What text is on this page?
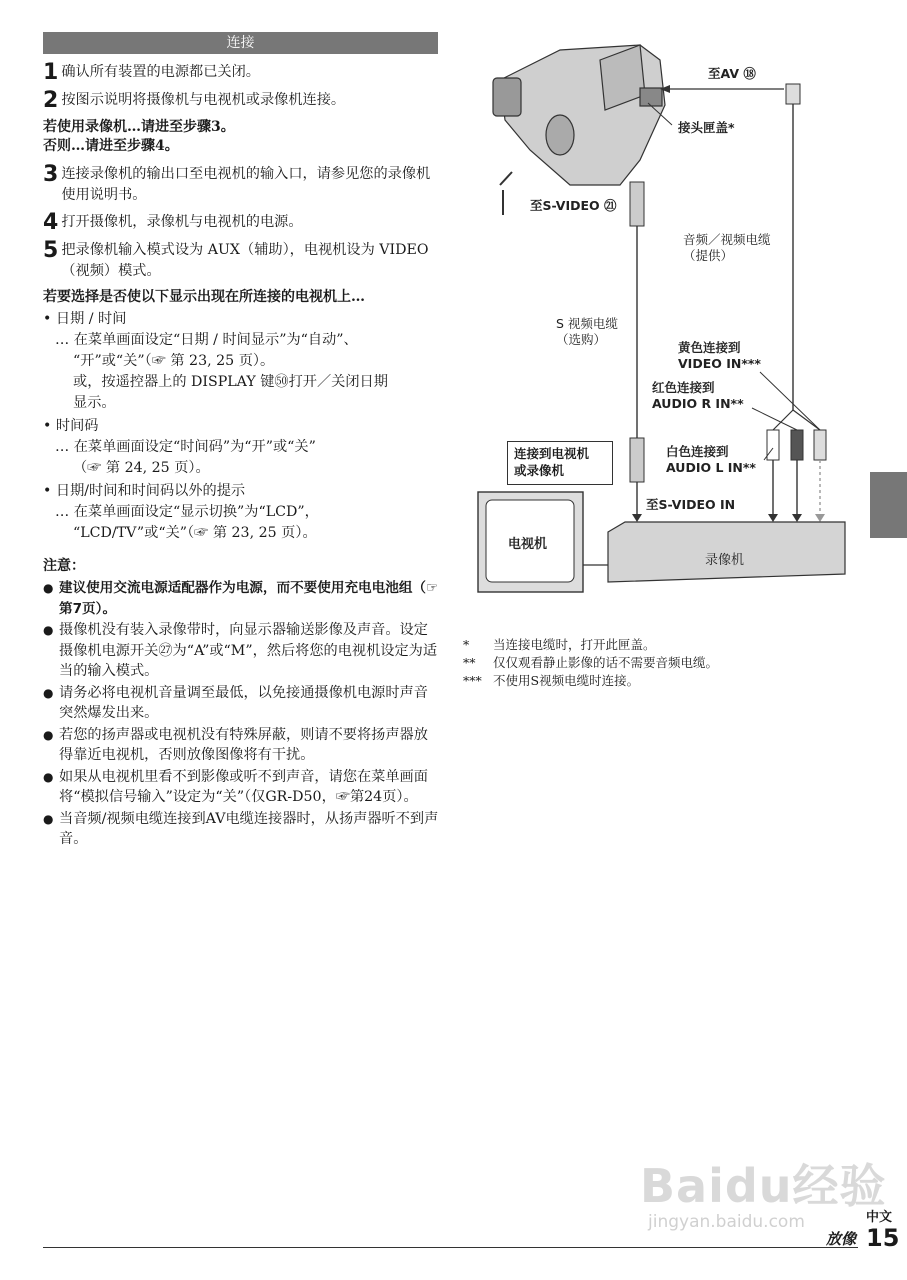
连接
1 确认所有装置的电源都已关闭。
2 按图示说明将摄像机与电视机或录像机连接。
若使用录像机…请进至步骤3。
否则…请进至步骤4。
3 连接录像机的输出口至电视机的输入口，请参见您的录像机使用说明书。
4 打开摄像机，录像机与电视机的电源。
5 把录像机输入模式设为 AUX（辅助），电视机设为 VIDEO（视频）模式。
若要选择是否使以下显示出现在所连接的电视机上…
• 日期 / 时间
… 在菜单画面设定“日期 / 时间显示”为“自动”、
“开”或“关”（☞ 第 23, 25 页）。
或，按遥控器上的 DISPLAY 键㊿打开／关闭日期
显示。
• 时间码
… 在菜单画面设定“时间码”为“开”或“关”
（☞ 第 24, 25 页）。
• 日期/时间和时间码以外的提示
… 在菜单画面设定“显示切换”为“LCD”，
“LCD/TV”或“关”（☞ 第 23, 25 页）。
注意：
● 建议使用交流电源适配器作为电源，而不要使用充电电池组（☞第7页）。
● 摄像机没有装入录像带时，向显示器输送影像及声音。设定摄像机电源开关㉗为“A”或“M”，然后将您的电视机设定为适当的输入模式。
● 请务必将电视机音量调至最低，以免接通摄像机电源时声音突然爆发出来。
● 若您的扬声器或电视机没有特殊屏蔽，则请不要将扬声器放得靠近电视机，否则放像图像将有干扰。
● 如果从电视机里看不到影像或听不到声音，请您在菜单画面将“模拟信号输入”设定为“关”（仅GR-D50，☞第24页）。
● 当音频/视频电缆连接到AV电缆连接器时，从扬声器听不到声音。
至AV ⑱
接头匣盖*
至S-VIDEO ㉑
音频／视频电缆
（提供）
S 视频电缆
（选购）
黄色连接到
VIDEO IN***
红色连接到
AUDIO R IN**
白色连接到
AUDIO L IN**
连接到电视机
或录像机
至S-VIDEO IN
电视机
录像机
*	当连接电缆时，打开此匣盖。
**	仅仅观看静止影像的话不需要音频电缆。
*** 不使用S视频电缆时连接。
Baidu经验
jingyan.baidu.com	中文
放像 15
